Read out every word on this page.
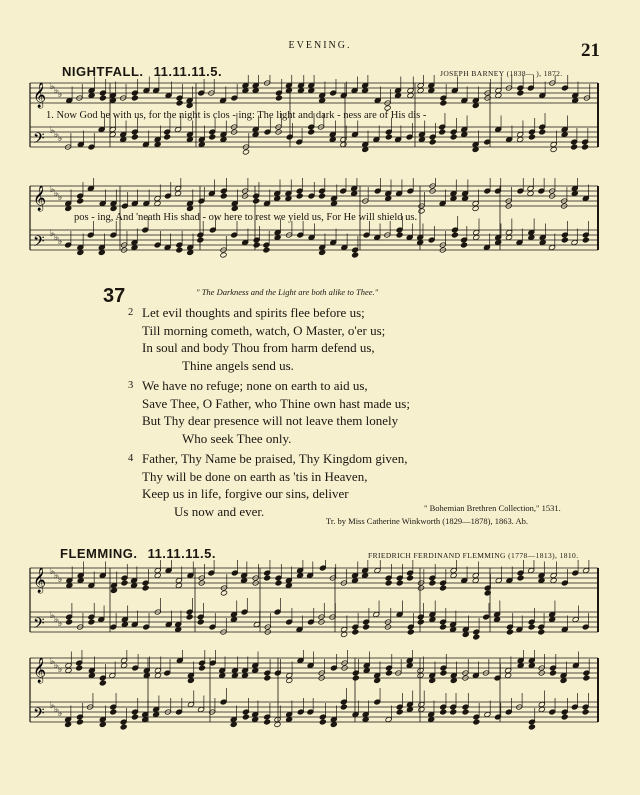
EVENING.	21
NIGHTFALL. 11.11.11.5.	JOSEPH BARNEY (1838— ), 1872.
𝄞 ♭ ♭ ♭
𝄢 ♭ ♭ ♭
1. Now God be with us, for the night is clos - ing: The light and dark - ness are of His dis -
𝄞 ♭ ♭ ♭
𝄢 ♭ ♭ ♭
pos - ing, And 'neath His shad - ow here to rest we yield us, For He will shield us.
37	" The Darkness and the Light are both alike to Thee."
2 Let evil thoughts and spirits flee before us;
Till morning cometh, watch, O Master, o'er us;
In soul and body Thou from harm defend us,
Thine angels send us.
3 We have no refuge; none on earth to aid us,
Save Thee, O Father, who Thine own hast made us;
But Thy dear presence will not leave them lonely
Who seek Thee only.
4 Father, Thy Name be praised, Thy Kingdom given,
Thy will be done on earth as 'tis in Heaven,
Keep us in life, forgive our sins, deliver
Us now and ever.	" Bohemian Brethren Collection," 1531.
Tr. by Miss Catherine Winkworth (1829—1878), 1863. Ab.
FLEMMING. 11.11.11.5.	FRIEDRICH FERDINAND FLEMMING (1778—1813), 1810.
𝄞 ♭ ♭ ♭
𝄢 ♭ ♭ ♭
𝄞 ♭ ♭ ♭
𝄢 ♭ ♭ ♭
